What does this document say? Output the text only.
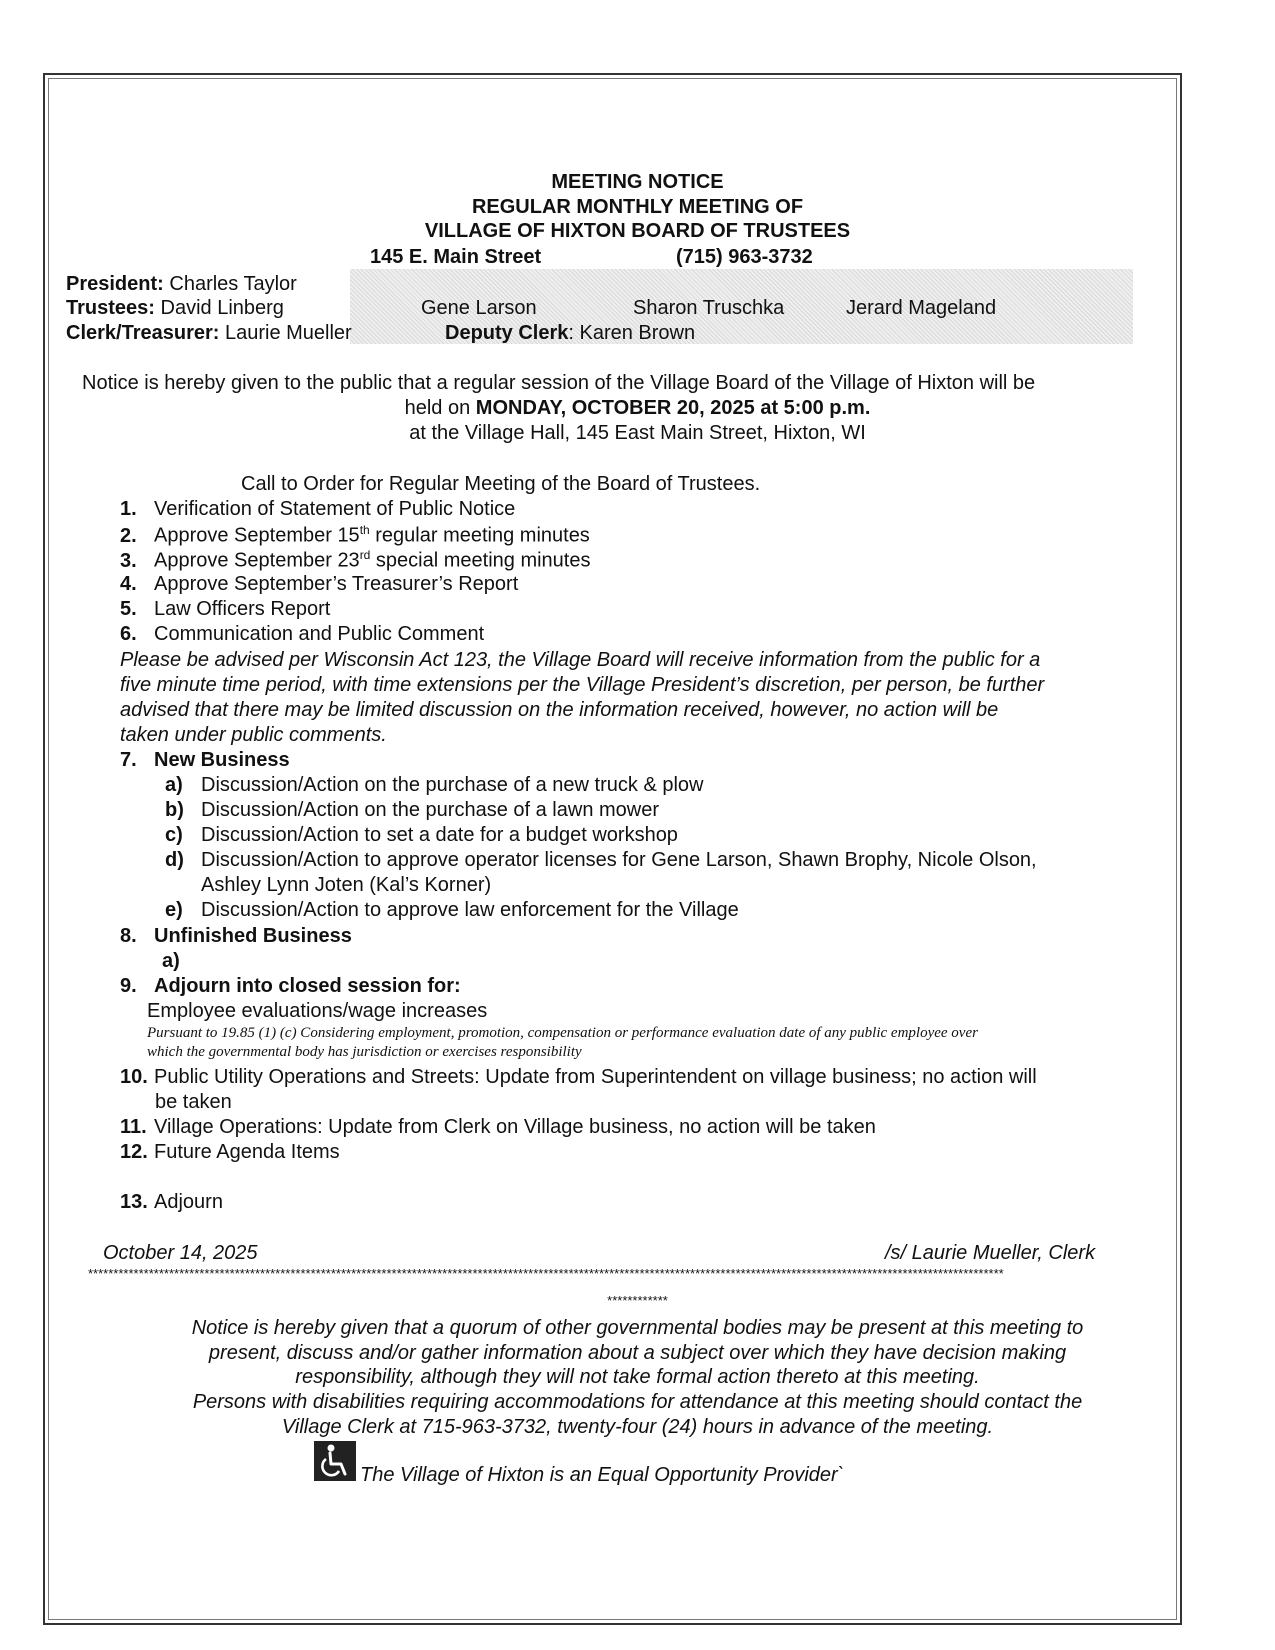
MEETING NOTICE
REGULAR MONTHLY MEETING OF
VILLAGE OF HIXTON BOARD OF TRUSTEES
145 E. Main Street	(715) 963-3732
President: Charles Taylor
Trustees: David Linberg	Gene Larson	Sharon Truschka	Jerard Mageland
Clerk/Treasurer: Laurie Mueller	Deputy Clerk: Karen Brown
Notice is hereby given to the public that a regular session of the Village Board of the Village of Hixton will be
held on MONDAY, OCTOBER 20, 2025 at 5:00 p.m.
at the Village Hall, 145 East Main Street, Hixton, WI
Call to Order for Regular Meeting of the Board of Trustees.
1. Verification of Statement of Public Notice
2. Approve September 15th regular meeting minutes
3. Approve September 23rd special meeting minutes
4. Approve September’s Treasurer’s Report
5. Law Officers Report
6. Communication and Public Comment
Please be advised per Wisconsin Act 123, the Village Board will receive information from the public for a
five minute time period, with time extensions per the Village President’s discretion, per person, be further
advised that there may be limited discussion on the information received, however, no action will be
taken under public comments.
7. New Business
a) Discussion/Action on the purchase of a new truck & plow
b) Discussion/Action on the purchase of a lawn mower
c) Discussion/Action to set a date for a budget workshop
d) Discussion/Action to approve operator licenses for Gene Larson, Shawn Brophy, Nicole Olson,
Ashley Lynn Joten (Kal’s Korner)
e) Discussion/Action to approve law enforcement for the Village
8. Unfinished Business
a)
9. Adjourn into closed session for:
Employee evaluations/wage increases
Pursuant to 19.85 (1) (c) Considering employment, promotion, compensation or performance evaluation date of any public employee over
which the governmental body has jurisdiction or exercises responsibility
10. Public Utility Operations and Streets: Update from Superintendent on village business; no action will
be taken
11. Village Operations: Update from Clerk on Village business, no action will be taken
12. Future Agenda Items
13. Adjourn
October 14, 2025	/s/ Laurie Mueller, Clerk
*************************************************************************************************************************************************************************************
************
Notice is hereby given that a quorum of other governmental bodies may be present at this meeting to
present, discuss and/or gather information about a subject over which they have decision making
responsibility, although they will not take formal action thereto at this meeting.
Persons with disabilities requiring accommodations for attendance at this meeting should contact the
Village Clerk at 715-963-3732, twenty-four (24) hours in advance of the meeting.
The Village of Hixton is an Equal Opportunity Provider`
